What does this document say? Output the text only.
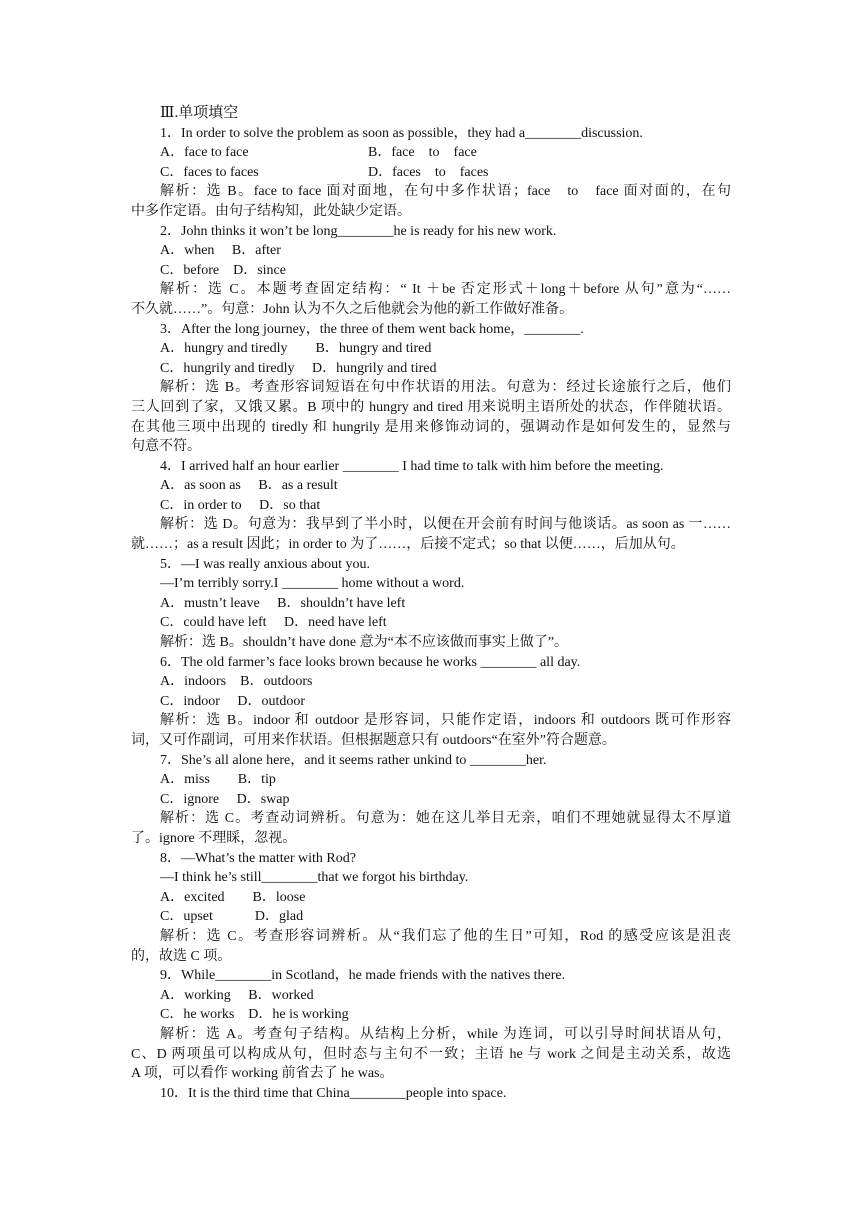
Ⅲ.单项填空
1．In order to solve the problem as soon as possible，they had a________discussion.
A．face to face	B．face　to　face
C．faces to faces	D．faces　to　faces
解析：选 B。face to face 面对面地，在句中多作状语；face　to　face 面对面的，在句
中多作定语。由句子结构知，此处缺少定语。
2．John thinks it won’t be long________he is ready for his new work.
A．when　 B．after
C．before　D．since
解析：选 C。本题考查固定结构：“ It ＋be 否定形式＋long＋before 从句”意为“……
不久就……”。句意：John 认为不久之后他就会为他的新工作做好准备。
3．After the long journey，the three of them went back home，________.
A．hungry and tiredly　　B．hungry and tired
C．hungrily and tiredly　 D．hungrily and tired
解析：选 B。考查形容词短语在句中作状语的用法。句意为：经过长途旅行之后，他们
三人回到了家，又饿又累。B 项中的 hungry and tired 用来说明主语所处的状态，作伴随状语。
在其他三项中出现的 tiredly 和 hungrily 是用来修饰动词的，强调动作是如何发生的，显然与
句意不符。
4．I arrived half an hour earlier ________ I had time to talk with him before the meeting.
A．as soon as　 B．as a result
C．in order to　 D．so that
解析：选 D。句意为：我早到了半小时，以便在开会前有时间与他谈话。as soon as 一……
就……；as a result 因此；in order to 为了……，后接不定式；so that 以便……，后加从句。
5．—I was really anxious about you.
—I’m terribly sorry.I ________ home without a word.
A．mustn’t leave　 B．shouldn’t have left
C．could have left　 D．need have left
解析：选 B。shouldn’t have done 意为“本不应该做而事实上做了”。
6．The old farmer’s face looks brown because he works ________ all day.
A．indoors　B．outdoors
C．indoor　 D．outdoor
解析：选 B。indoor 和 outdoor 是形容词，只能作定语，indoors 和 outdoors 既可作形容
词，又可作副词，可用来作状语。但根据题意只有 outdoors“在室外”符合题意。
7．She’s all alone here，and it seems rather unkind to ________her.
A．miss　　B．tip
C．ignore　 D．swap
解析：选 C。考查动词辨析。句意为：她在这儿举目无亲，咱们不理她就显得太不厚道
了。ignore 不理睬，忽视。
8．—What’s the matter with Rod?
—I think he’s still________that we forgot his birthday.
A．excited　　B．loose
C．upset　　　D．glad
解析：选 C。考查形容词辨析。从“我们忘了他的生日”可知，Rod 的感受应该是沮丧
的，故选 C 项。
9．While________in Scotland，he made friends with the natives there.
A．working　 B．worked
C．he works　D．he is working
解析：选 A。考查句子结构。从结构上分析，while 为连词，可以引导时间状语从句，
C、D 两项虽可以构成从句，但时态与主句不一致；主语 he 与 work 之间是主动关系，故选
A 项，可以看作 working 前省去了 he was。
10．It is the third time that China________people into space.
